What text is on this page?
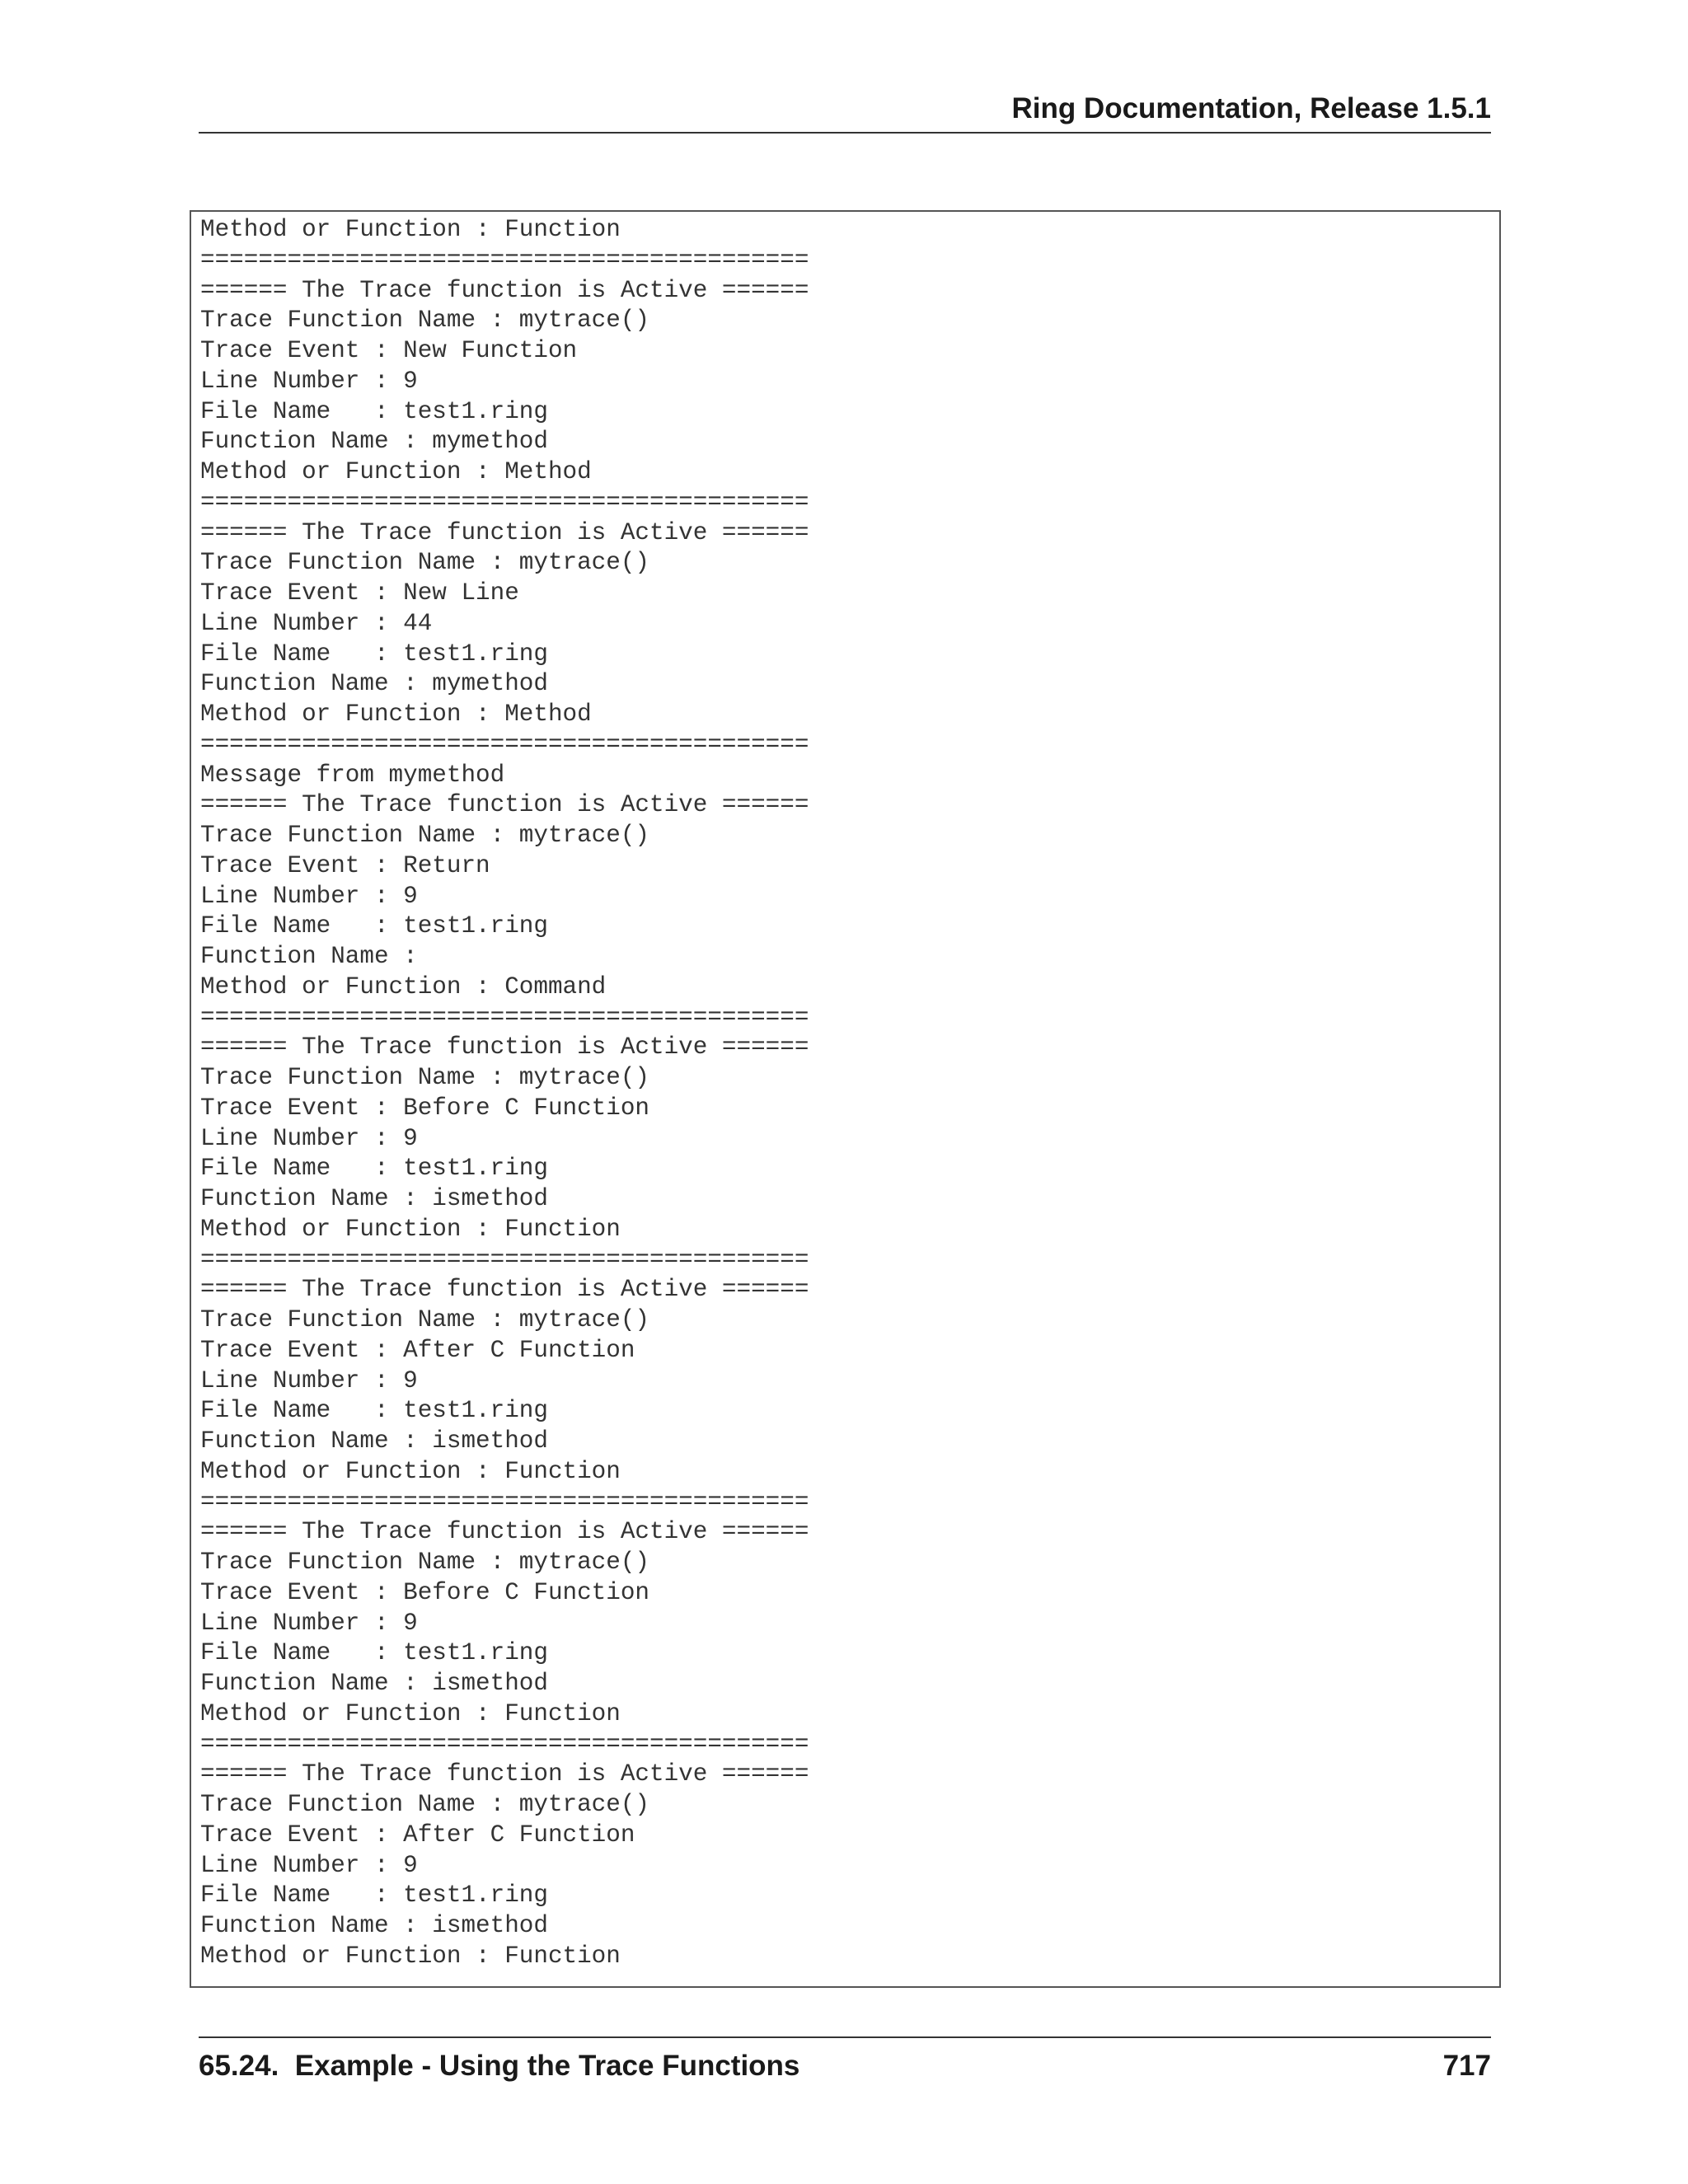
Ring Documentation, Release 1.5.1
Method or Function : Function
==========================================
====== The Trace function is Active ======
Trace Function Name : mytrace()
Trace Event : New Function
Line Number : 9
File Name   : test1.ring
Function Name : mymethod
Method or Function : Method
==========================================
====== The Trace function is Active ======
Trace Function Name : mytrace()
Trace Event : New Line
Line Number : 44
File Name   : test1.ring
Function Name : mymethod
Method or Function : Method
==========================================
Message from mymethod
====== The Trace function is Active ======
Trace Function Name : mytrace()
Trace Event : Return
Line Number : 9
File Name   : test1.ring
Function Name :
Method or Function : Command
==========================================
====== The Trace function is Active ======
Trace Function Name : mytrace()
Trace Event : Before C Function
Line Number : 9
File Name   : test1.ring
Function Name : ismethod
Method or Function : Function
==========================================
====== The Trace function is Active ======
Trace Function Name : mytrace()
Trace Event : After C Function
Line Number : 9
File Name   : test1.ring
Function Name : ismethod
Method or Function : Function
==========================================
====== The Trace function is Active ======
Trace Function Name : mytrace()
Trace Event : Before C Function
Line Number : 9
File Name   : test1.ring
Function Name : ismethod
Method or Function : Function
==========================================
====== The Trace function is Active ======
Trace Function Name : mytrace()
Trace Event : After C Function
Line Number : 9
File Name   : test1.ring
Function Name : ismethod
Method or Function : Function
65.24.  Example - Using the Trace Functions	717
